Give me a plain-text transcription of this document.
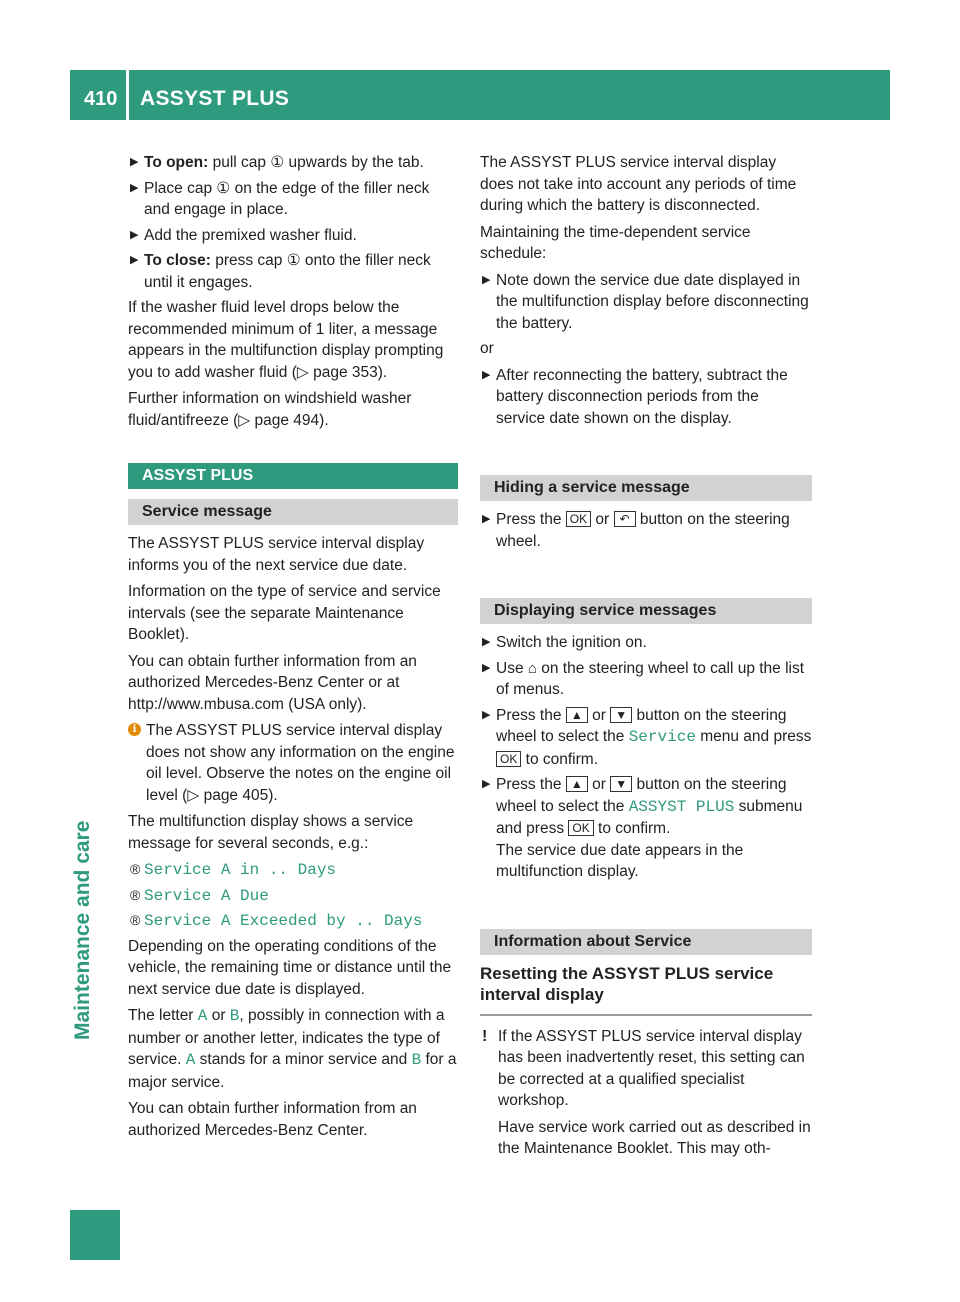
410 ASSYST PLUS
Maintenance and care
▶ To open: pull cap ① upwards by the tab.
▶ Place cap ① on the edge of the filler neck and engage in place.
▶ Add the premixed washer fluid.
▶ To close: press cap ① onto the filler neck until it engages.

If the washer fluid level drops below the recommended minimum of 1 liter, a message appears in the multifunction display prompting you to add washer fluid (▷ page 353).

Further information on windshield washer fluid/antifreeze (▷ page 494).

ASSYST PLUS
Service message

The ASSYST PLUS service interval display informs you of the next service due date.

Information on the type of service and service intervals (see the separate Maintenance Booklet).

You can obtain further information from an authorized Mercedes-Benz Center or at http://www.mbusa.com (USA only).

i The ASSYST PLUS service interval display does not show any information on the engine oil level. Observe the notes on the engine oil level (▷ page 405).

The multifunction display shows a service message for several seconds, e.g.:

® Service A in .. Days
® Service A Due
® Service A Exceeded by .. Days

Depending on the operating conditions of the vehicle, the remaining time or distance until the next service due date is displayed.

The letter A or B, possibly in connection with a number or another letter, indicates the type of service. A stands for a minor service and B for a major service.

You can obtain further information from an authorized Mercedes-Benz Center.

The ASSYST PLUS service interval display does not take into account any periods of time during which the battery is disconnected.

Maintaining the time-dependent service schedule:

▶ Note down the service due date displayed in the multifunction display before disconnecting the battery.

or

▶ After reconnecting the battery, subtract the battery disconnection periods from the service date shown on the display.
Hiding a service message
▶ Press the OK or ↶ button on the steering wheel.
Displaying service messages
▶ Switch the ignition on.
▶ Use ⌂ on the steering wheel to call up the list of menus.
▶ Press the ▲ or ▼ button on the steering wheel to select the Service menu and press OK to confirm.
▶ Press the ▲ or ▼ button on the steering wheel to select the ASSYST PLUS submenu and press OK to confirm.
The service due date appears in the multifunction display.
Information about Service
Resetting the ASSYST PLUS service interval display
! If the ASSYST PLUS service interval display has been inadvertently reset, this setting can be corrected at a qualified specialist workshop.

Have service work carried out as described in the Maintenance Booklet. This may oth-
